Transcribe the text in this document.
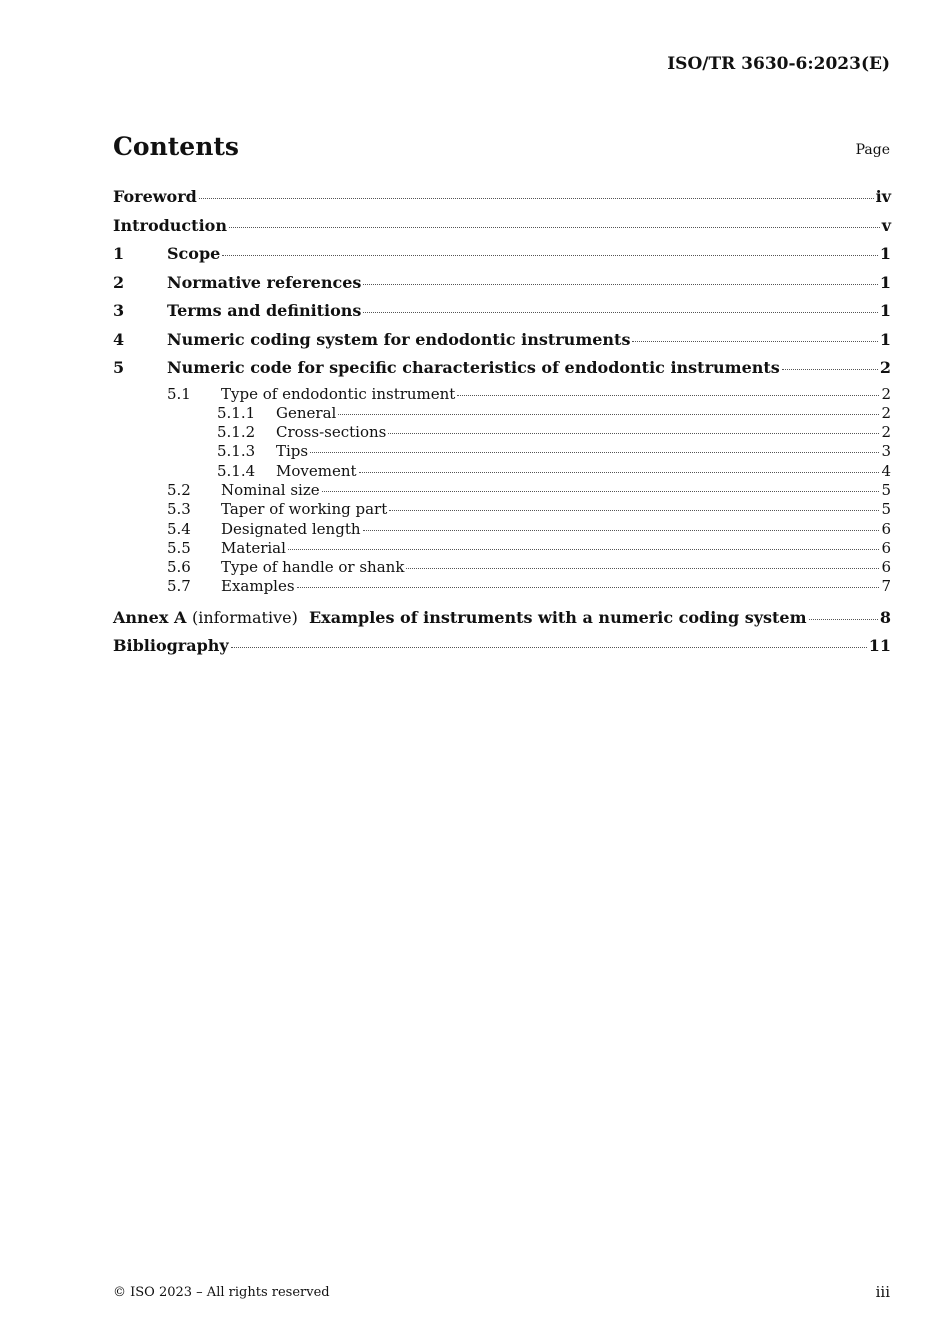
ISO/TR 3630-6:2023(E)
Contents	Page
Foreword	iv
Introduction	v
1	Scope	1
2	Normative references	1
3	Terms and definitions	1
4	Numeric coding system for endodontic instruments	1
5	Numeric code for specific characteristics of endodontic instruments	2
5.1	Type of endodontic instrument	2
5.1.1	General	2
5.1.2	Cross-sections	2
5.1.3	Tips	3
5.1.4	Movement	4
5.2	Nominal size	5
5.3	Taper of working part	5
5.4	Designated length	6
5.5	Material	6
5.6	Type of handle or shank	6
5.7	Examples	7
Annex A (informative) Examples of instruments with a numeric coding system	8
Bibliography	11
© ISO 2023 – All rights reserved	iii
